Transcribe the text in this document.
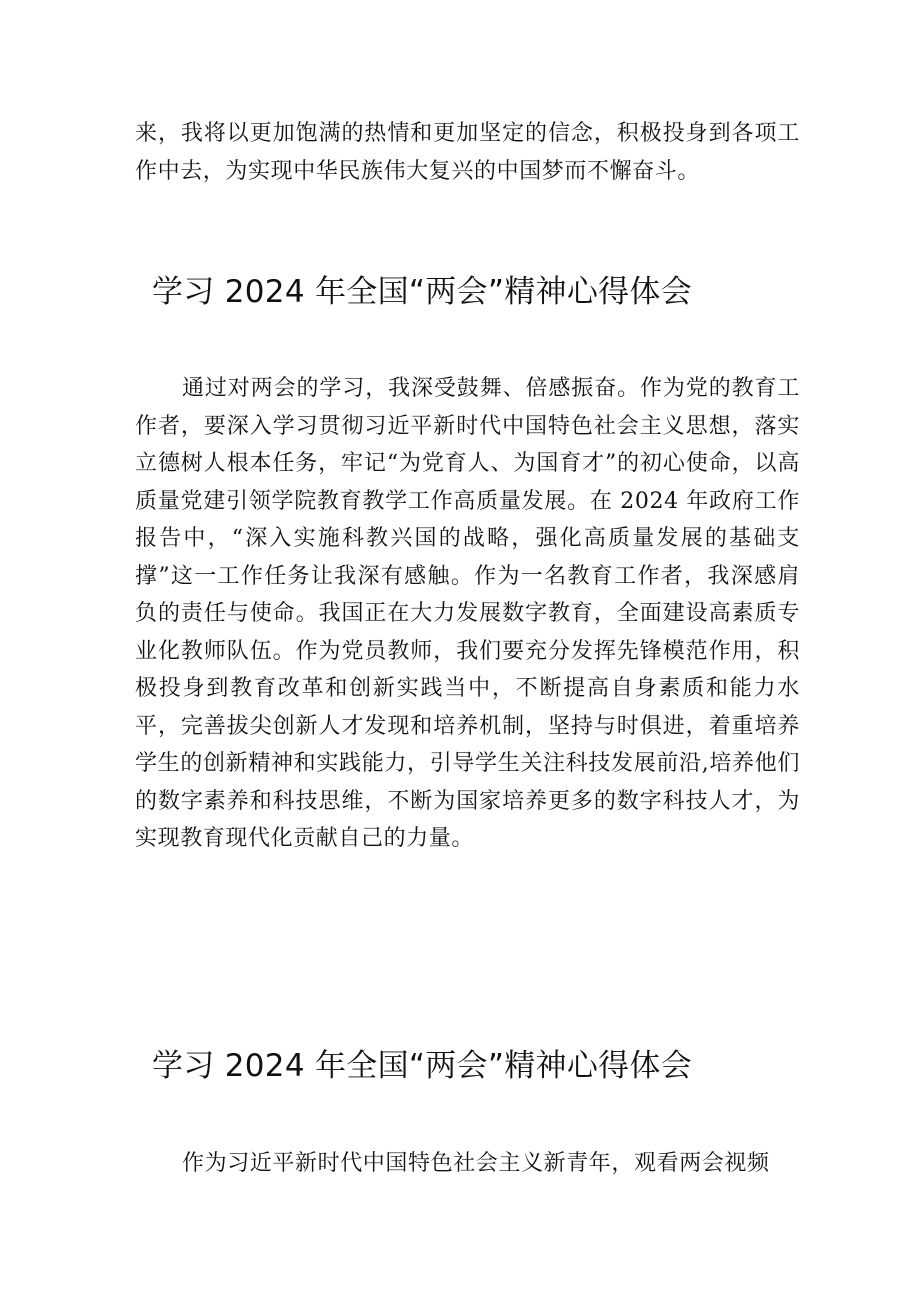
来，我将以更加饱满的热情和更加坚定的信念，积极投身到各项工作中去，为实现中华民族伟大复兴的中国梦而不懈奋斗。

学习 2024 年全国“两会”精神心得体会

通过对两会的学习，我深受鼓舞、倍感振奋。作为党的教育工作者，要深入学习贯彻习近平新时代中国特色社会主义思想，落实立德树人根本任务，牢记“为党育人、为国育才”的初心使命，以高质量党建引领学院教育教学工作高质量发展。在 2024 年政府工作报告中，“深入实施科教兴国的战略，强化高质量发展的基础支撑”这一工作任务让我深有感触。作为一名教育工作者，我深感肩负的责任与使命。我国正在大力发展数字教育，全面建设高素质专业化教师队伍。作为党员教师，我们要充分发挥先锋模范作用，积极投身到教育改革和创新实践当中，不断提高自身素质和能力水平，完善拔尖创新人才发现和培养机制，坚持与时俱进，着重培养学生的创新精神和实践能力，引导学生关注科技发展前沿,培养他们的数字素养和科技思维，不断为国家培养更多的数字科技人才，为实现教育现代化贡献自己的力量。

学习 2024 年全国“两会”精神心得体会

作为习近平新时代中国特色社会主义新青年，观看两会视频
